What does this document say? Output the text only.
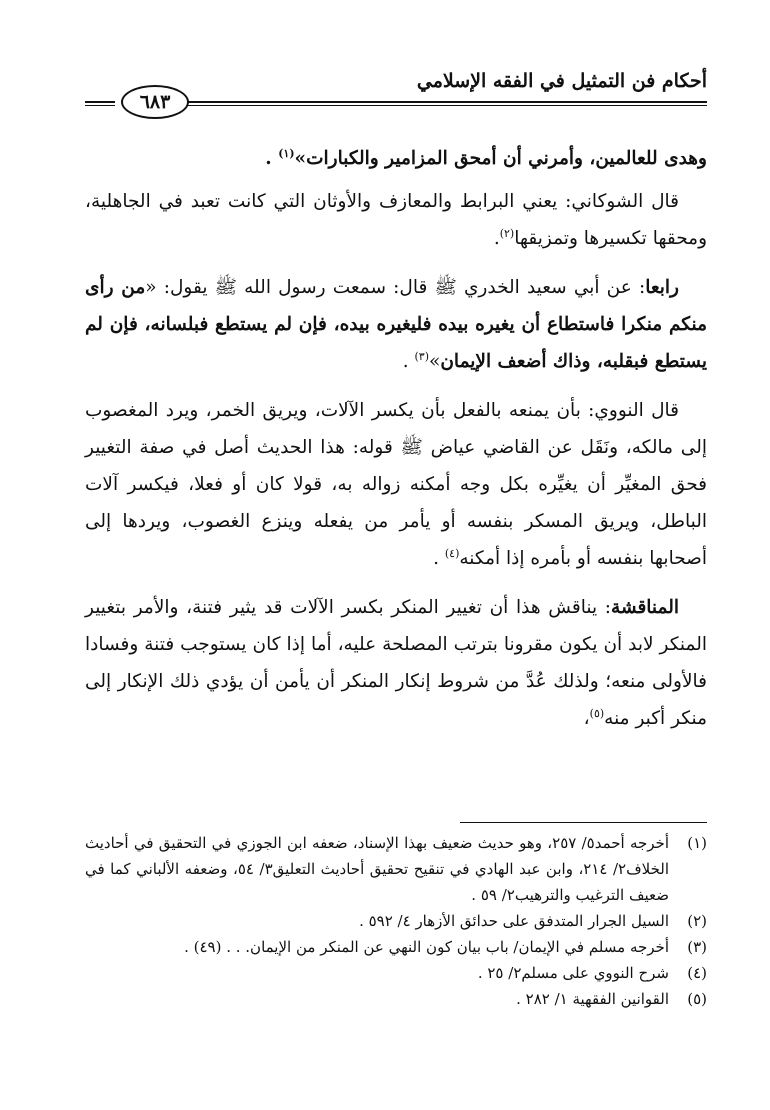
أحكام فن التمثيل في الفقه الإسلامي
٦٨٣

وهدى للعالمين، وأمرني أن أمحق المزامير والكبارات»$^{(١)}$ .

قال الشوكاني: يعني البرابط والمعازف والأوثان التي كانت تعبد في الجاهلية، ومحقها تكسيرها وتمزيقها$^{(٢)}$.

رابعا: عن أبي سعيد الخدري ﷺ قال: سمعت رسول الله ﷺ يقول: «من رأى منكم منكرا فاستطاع أن يغيره بيده فليغيره بيده، فإن لم يستطع فبلسانه، فإن لم يستطع فبقلبه، وذاك أضعف الإيمان»$^{(٣)}$ .

قال النووي: بأن يمنعه بالفعل بأن يكسر الآلات، ويريق الخمر، ويرد المغصوب إلى مالكه، ونَقَل عن القاضي عياض ﷺ قوله: هذا الحديث أصل في صفة التغيير فحق المغيِّر أن يغيِّره بكل وجه أمكنه زواله به، قولا كان أو فعلا، فيكسر آلات الباطل، ويريق المسكر بنفسه أو يأمر من يفعله وينزع الغصوب، ويردها إلى أصحابها بنفسه أو بأمره إذا أمكنه$^{(٤)}$ .

المناقشة: يناقش هذا أن تغيير المنكر بكسر الآلات قد يثير فتنة، والأمر بتغيير المنكر لابد أن يكون مقرونا بترتب المصلحة عليه، أما إذا كان يستوجب فتنة وفسادا فالأولى منعه؛ ولذلك عُدَّ من شروط إنكار المنكر أن يأمن أن يؤدي ذلك الإنكار إلى منكر أكبر منه$^{(٥)}$،

(١)
أخرجه أحمد٥/ ٢٥٧، وهو حديث ضعيف بهذا الإسناد، ضعفه ابن الجوزي في التحقيق في أحاديث الخلاف٢/ ٢١٤، وابن عبد الهادي في تنقيح تحقيق أحاديث التعليق٣/ ٥٤، وضعفه الألباني كما في ضعيف الترغيب والترهيب٢/ ٥٩ .
(٢)
السيل الجرار المتدفق على حدائق الأزهار ٤/ ٥٩٢ .
(٣)
أخرجه مسلم في الإيمان/ باب بيان كون النهي عن المنكر من الإيمان. . . (٤٩) .
(٤)
شرح النووي على مسلم٢/ ٢٥ .
(٥)
القوانين الفقهية ١/ ٢٨٢ .
